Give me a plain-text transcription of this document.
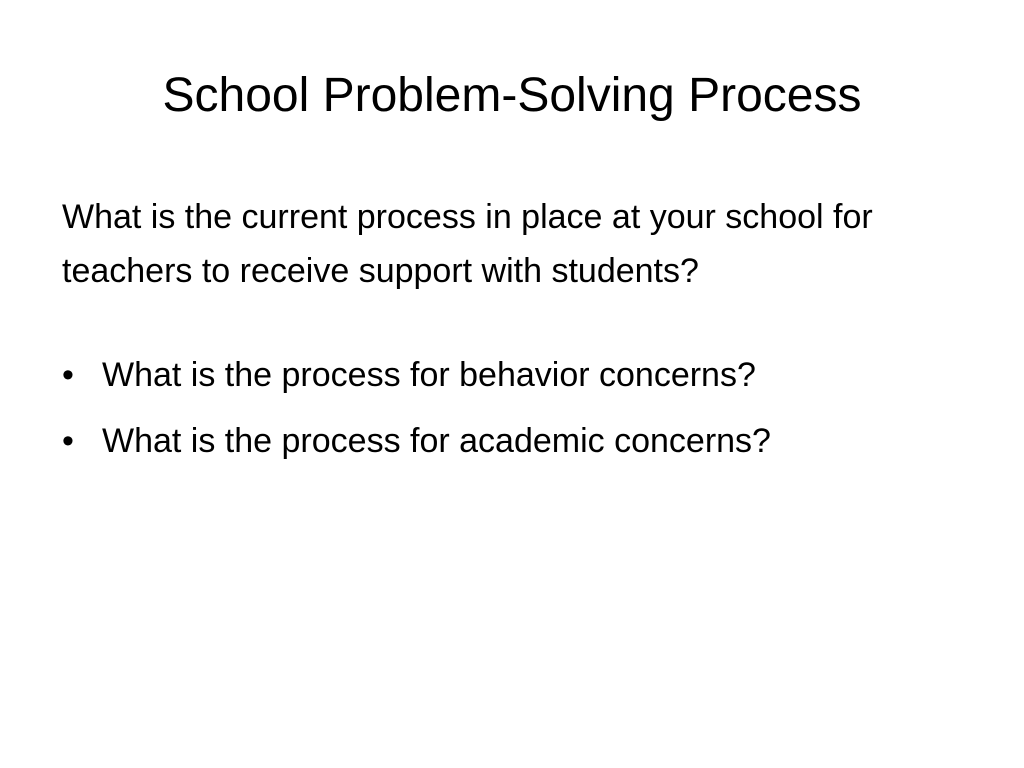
School Problem-Solving Process

What is the current process in place at your school for teachers to receive support with students?

• What is the process for behavior concerns?
• What is the process for academic concerns?
